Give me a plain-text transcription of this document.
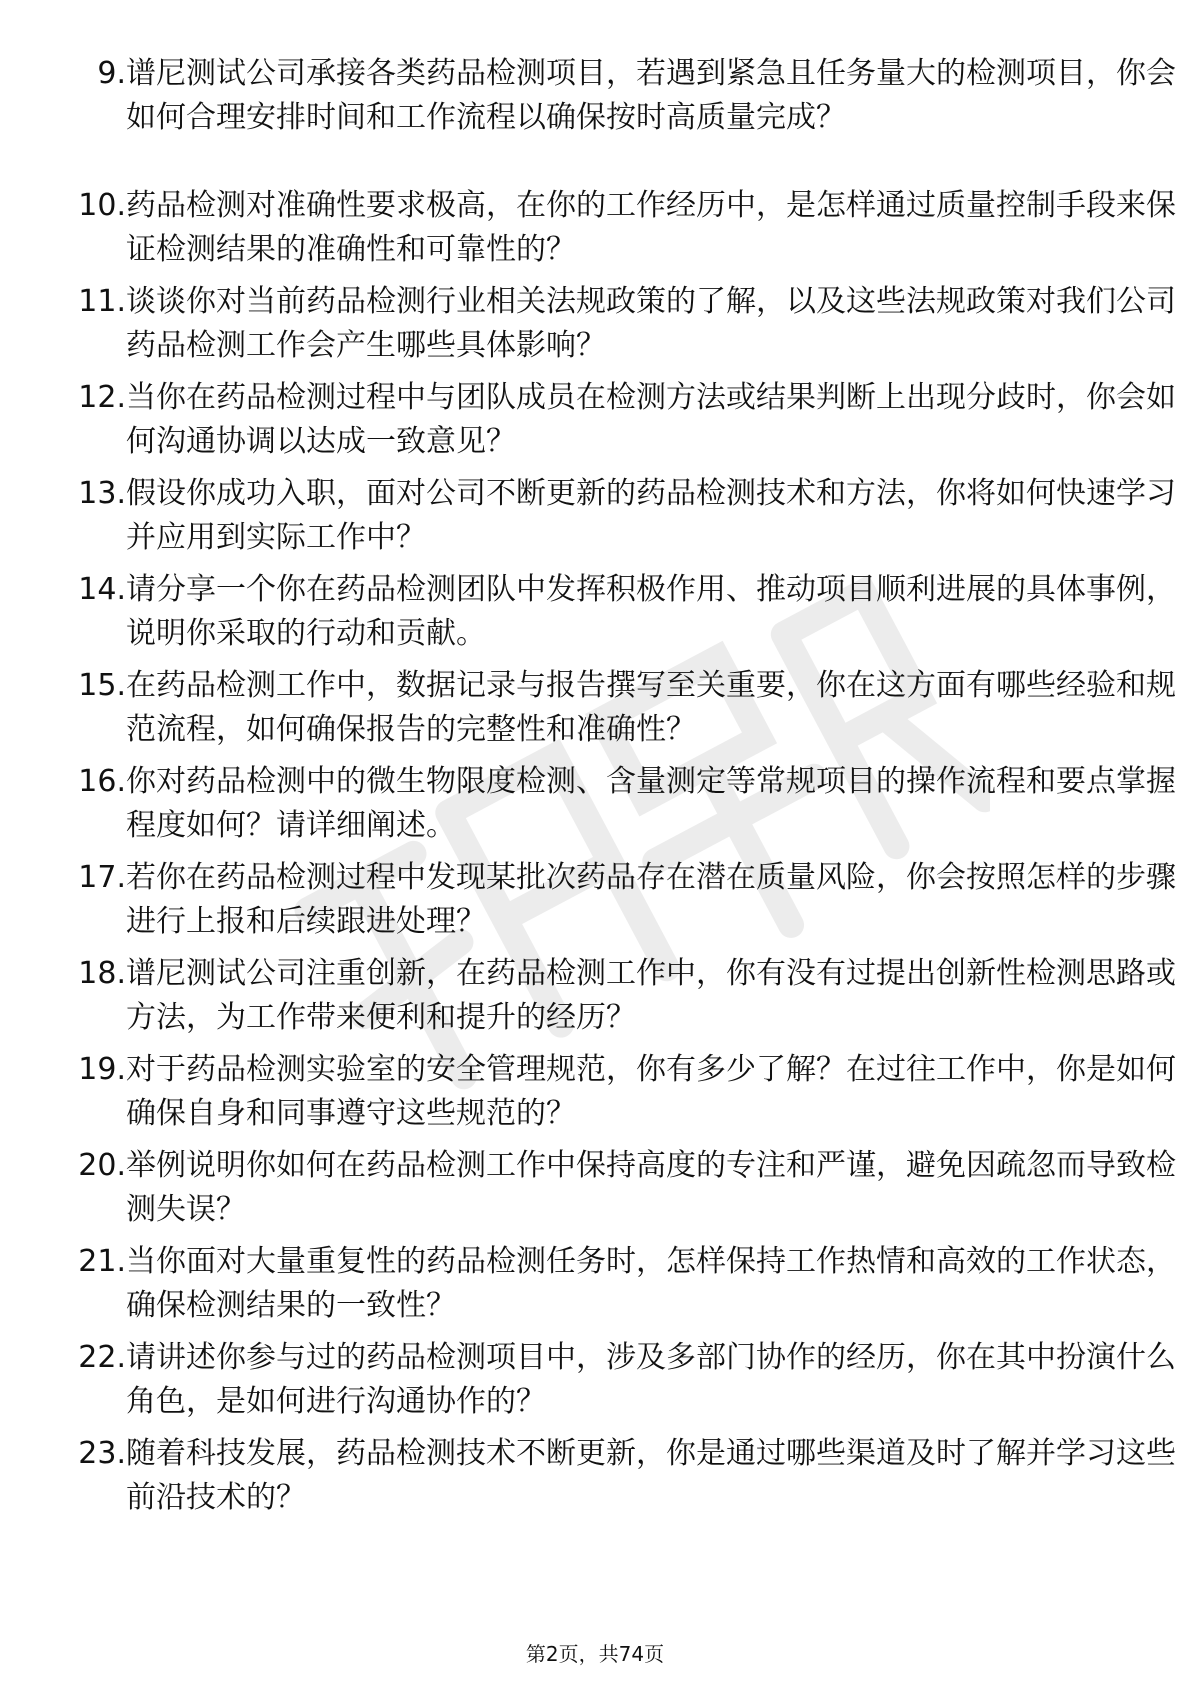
9. 谱尼测试公司承接各类药品检测项目，若遇到紧急且任务量大的检测项目，你会如何合理安排时间和工作流程以确保按时高质量完成？
10. 药品检测对准确性要求极高，在你的工作经历中，是怎样通过质量控制手段来保证检测结果的准确性和可靠性的？
11. 谈谈你对当前药品检测行业相关法规政策的了解，以及这些法规政策对我们公司药品检测工作会产生哪些具体影响？
12. 当你在药品检测过程中与团队成员在检测方法或结果判断上出现分歧时，你会如何沟通协调以达成一致意见？
13. 假设你成功入职，面对公司不断更新的药品检测技术和方法，你将如何快速学习并应用到实际工作中？
14. 请分享一个你在药品检测团队中发挥积极作用、推动项目顺利进展的具体事例，说明你采取的行动和贡献。
15. 在药品检测工作中，数据记录与报告撰写至关重要，你在这方面有哪些经验和规范流程，如何确保报告的完整性和准确性？
16. 你对药品检测中的微生物限度检测、含量测定等常规项目的操作流程和要点掌握程度如何？请详细阐述。
17. 若你在药品检测过程中发现某批次药品存在潜在质量风险，你会按照怎样的步骤进行上报和后续跟进处理？
18. 谱尼测试公司注重创新，在药品检测工作中，你有没有过提出创新性检测思路或方法，为工作带来便利和提升的经历？
19. 对于药品检测实验室的安全管理规范，你有多少了解？在过往工作中，你是如何确保自身和同事遵守这些规范的？
20. 举例说明你如何在药品检测工作中保持高度的专注和严谨，避免因疏忽而导致检测失误？
21. 当你面对大量重复性的药品检测任务时，怎样保持工作热情和高效的工作状态，确保检测结果的一致性？
22. 请讲述你参与过的药品检测项目中，涉及多部门协作的经历，你在其中扮演什么角色，是如何进行沟通协作的？
23. 随着科技发展，药品检测技术不断更新，你是通过哪些渠道及时了解并学习这些前沿技术的？
第2页，共74页
